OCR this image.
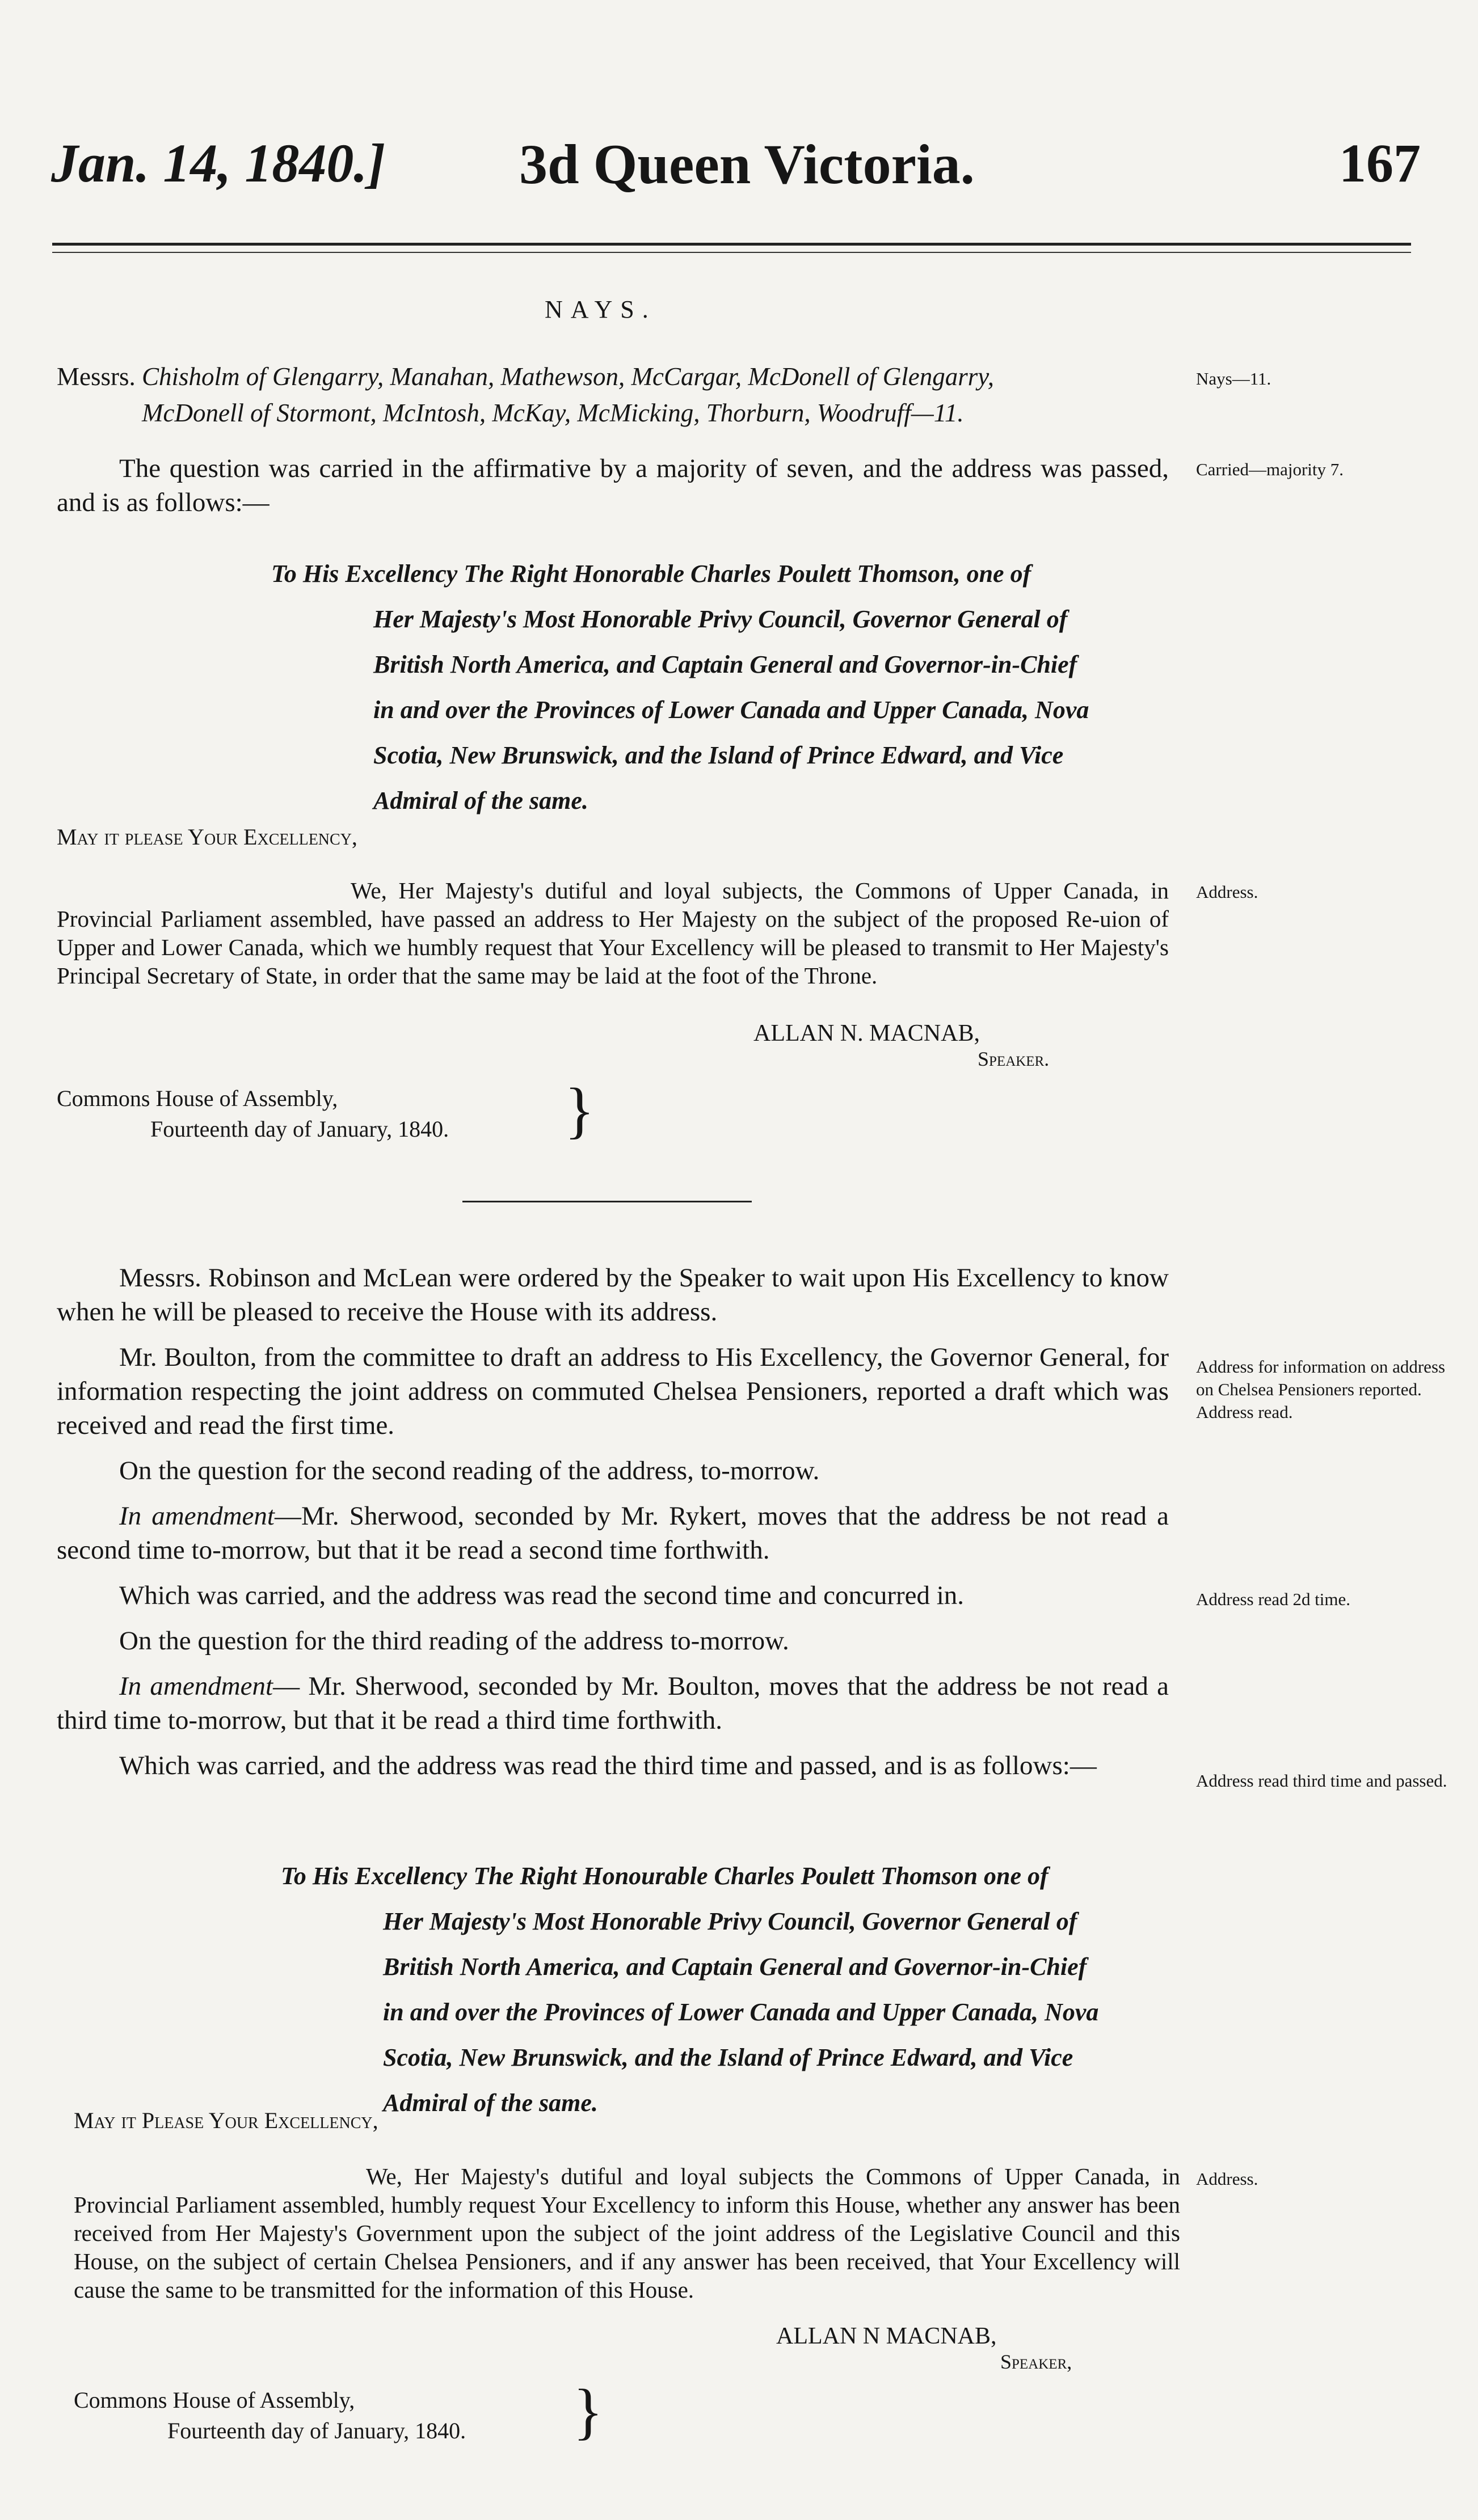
Jan. 14, 1840.] 3d Queen Victoria.	167
NAYS.
Messrs. Chisholm of Glengarry, Manahan, Mathewson, McCargar, McDonell of Glengarry,
McDonell of Stormont, McIntosh, McKay, McMicking, Thorburn, Woodruff—11.
Nays—11.

The question was carried in the affirmative by a majority of seven, and the address was passed, and is as follows:—

Carried—majority 7.
To His Excellency The Right Honorable Charles Poulett Thomson, one of
Her Majesty's Most Honorable Privy Council, Governor General of
British North America, and Captain General and Governor-in-Chief
in and over the Provinces of Lower Canada and Upper Canada, Nova
Scotia, New Brunswick, and the Island of Prince Edward, and Vice
Admiral of the same.
May it please Your Excellency,

We, Her Majesty's dutiful and loyal subjects, the Commons of Upper Canada, in Provincial Parliament assembled, have passed an address to Her Majesty on the subject of the proposed Re-uion of Upper and Lower Canada, which we humbly request that Your Excellency will be pleased to transmit to Her Majesty's Principal Secretary of State, in order that the same may be laid at the foot of the Throne.

Address.
ALLAN N. MACNAB,
Speaker.
Commons House of Assembly,
Fourteenth day of January, 1840. }

Messrs. Robinson and McLean were ordered by the Speaker to wait upon His Excellency to know when he will be pleased to receive the House with its address.

Mr. Boulton, from the committee to draft an address to His Excellency, the Governor General, for information respecting the joint address on commuted Chelsea Pensioners, reported a draft which was received and read the first time.

On the question for the second reading of the address, to-morrow.

In amendment—Mr. Sherwood, seconded by Mr. Rykert, moves that the address be not read a second time to-morrow, but that it be read a second time forthwith.

Which was carried, and the address was read the second time and concurred in.

On the question for the third reading of the address to-morrow.

In amendment— Mr. Sherwood, seconded by Mr. Boulton, moves that the address be not read a third time to-morrow, but that it be read a third time forthwith.

Which was carried, and the address was read the third time and passed, and is as follows:—

Address for information on address on Chelsea Pensioners reported. Address read.
Address read 2d time.
Address read third time and passed.
To His Excellency The Right Honourable Charles Poulett Thomson one of
Her Majesty's Most Honorable Privy Council, Governor General of
British North America, and Captain General and Governor-in-Chief
in and over the Provinces of Lower Canada and Upper Canada, Nova
Scotia, New Brunswick, and the Island of Prince Edward, and Vice
Admiral of the same.
May it Please Your Excellency,

We, Her Majesty's dutiful and loyal subjects the Commons of Upper Canada, in Provincial Parliament assembled, humbly request Your Excellency to inform this House, whether any answer has been received from Her Majesty's Government upon the subject of the joint address of the Legislative Council and this House, on the subject of certain Chelsea Pensioners, and if any answer has been received, that Your Excellency will cause the same to be transmitted for the information of this House.

Address.
ALLAN N MACNAB,
Speaker,
Commons House of Assembly,
Fourteenth day of January, 1840. }
